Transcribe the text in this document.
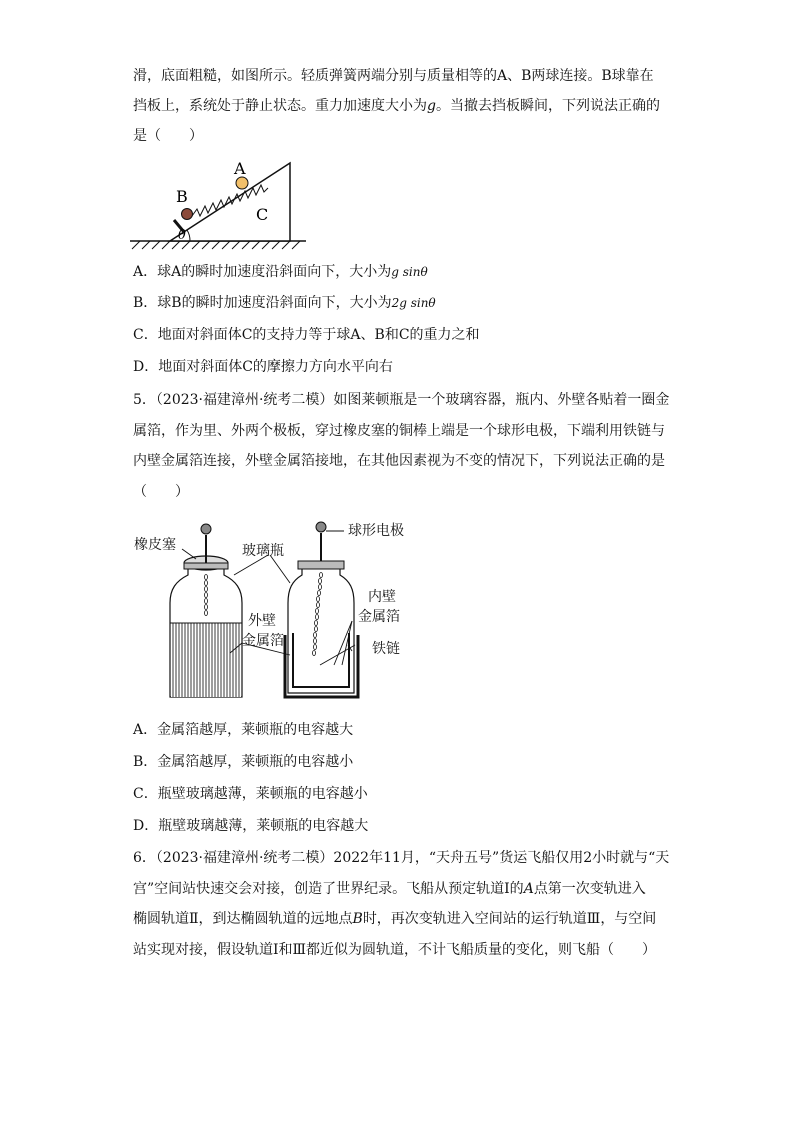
滑，底面粗糙，如图所示。轻质弹簧两端分别与质量相等的A、B两球连接。B球靠在
挡板上，系统处于静止状态。重力加速度大小为g。当撤去挡板瞬间，下列说法正确的
是（　　）
A
B
C
θ
A．球A的瞬时加速度沿斜面向下，大小为g sinθ
B．球B的瞬时加速度沿斜面向下，大小为2g sinθ
C．地面对斜面体C的支持力等于球A、B和C的重力之和
D．地面对斜面体C的摩擦力方向水平向右
5．（2023·福建漳州·统考二模）如图莱顿瓶是一个玻璃容器，瓶内、外壁各贴着一圈金
属箔，作为里、外两个极板，穿过橡皮塞的铜棒上端是一个球形电极，下端利用铁链与
内壁金属箔连接，外壁金属箔接地，在其他因素视为不变的情况下，下列说法正确的是
（　　）
橡皮塞	玻璃瓶
球形电极
内壁
金属箔
外壁
金属箔	铁链
A．金属箔越厚，莱顿瓶的电容越大
B．金属箔越厚，莱顿瓶的电容越小
C．瓶壁玻璃越薄，莱顿瓶的电容越小
D．瓶壁玻璃越薄，莱顿瓶的电容越大
6．（2023·福建漳州·统考二模）2022年11月，“天舟五号”货运飞船仅用2小时就与“天
宫”空间站快速交会对接，创造了世界纪录。飞船从预定轨道Ⅰ的A点第一次变轨进入
椭圆轨道Ⅱ，到达椭圆轨道的远地点B时，再次变轨进入空间站的运行轨道Ⅲ，与空间
站实现对接，假设轨道Ⅰ和Ⅲ都近似为圆轨道，不计飞船质量的变化，则飞船（　　）
